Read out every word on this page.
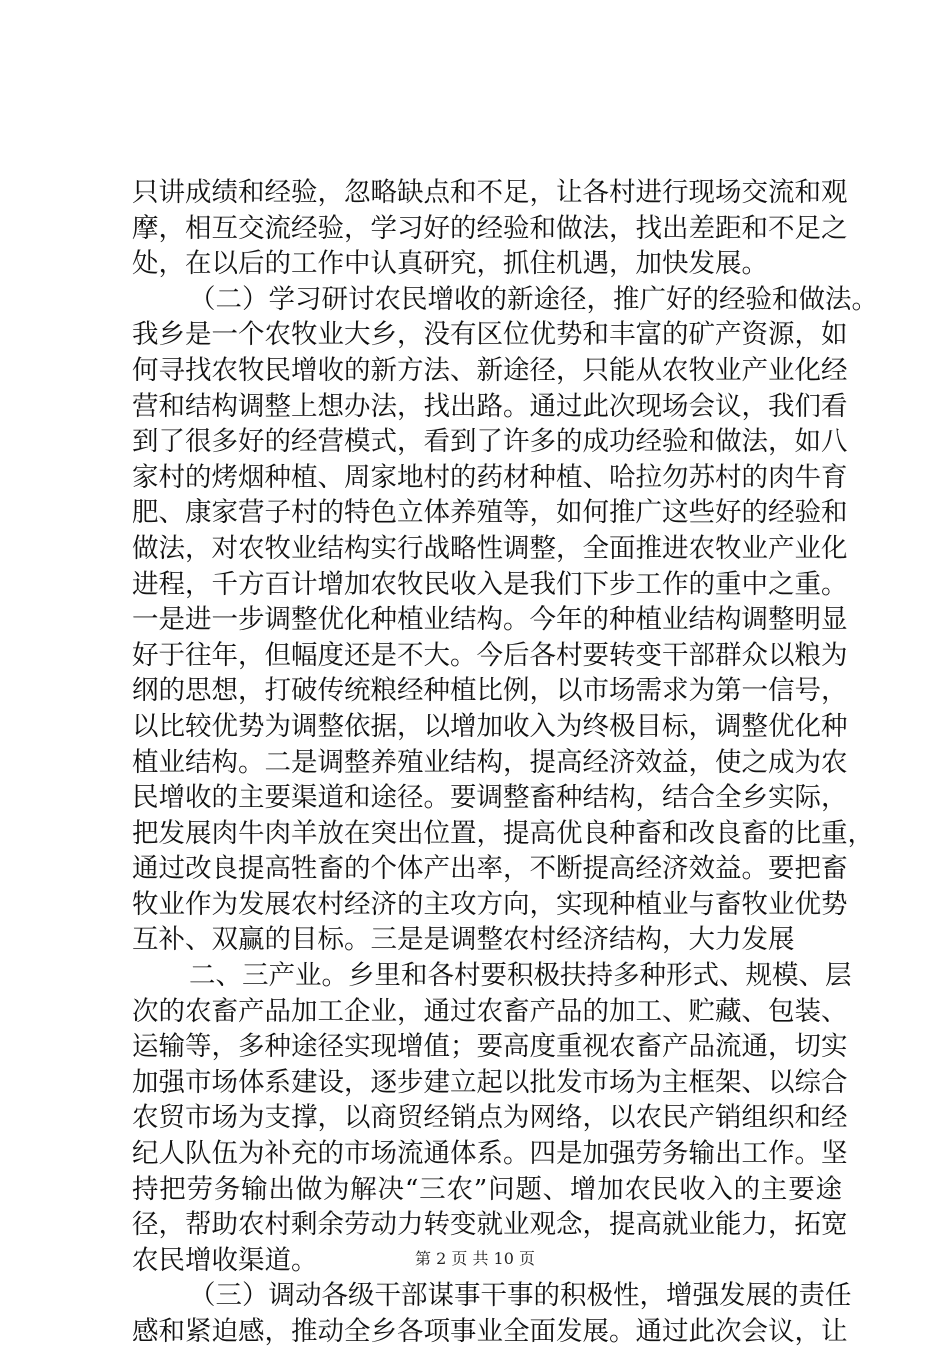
只讲成绩和经验，忽略缺点和不足，让各村进行现场交流和观
摩，相互交流经验，学习好的经验和做法，找出差距和不足之
处，在以后的工作中认真研究，抓住机遇，加快发展。
（二）学习研讨农民增收的新途径，推广好的经验和做法。
我乡是一个农牧业大乡，没有区位优势和丰富的矿产资源，如
何寻找农牧民增收的新方法、新途径，只能从农牧业产业化经
营和结构调整上想办法，找出路。通过此次现场会议，我们看
到了很多好的经营模式，看到了许多的成功经验和做法，如八
家村的烤烟种植、周家地村的药材种植、哈拉勿苏村的肉牛育
肥、康家营子村的特色立体养殖等，如何推广这些好的经验和
做法，对农牧业结构实行战略性调整，全面推进农牧业产业化
进程，千方百计增加农牧民收入是我们下步工作的重中之重。
一是进一步调整优化种植业结构。今年的种植业结构调整明显
好于往年，但幅度还是不大。今后各村要转变干部群众以粮为
纲的思想，打破传统粮经种植比例，以市场需求为第一信号，
以比较优势为调整依据，以增加收入为终极目标，调整优化种
植业结构。二是调整养殖业结构，提高经济效益，使之成为农
民增收的主要渠道和途径。要调整畜种结构，结合全乡实际，
把发展肉牛肉羊放在突出位置，提高优良种畜和改良畜的比重，
通过改良提高牲畜的个体产出率，不断提高经济效益。要把畜
牧业作为发展农村经济的主攻方向，实现种植业与畜牧业优势
互补、双赢的目标。三是是调整农村经济结构，大力发展
二、三产业。乡里和各村要积极扶持多种形式、规模、层
次的农畜产品加工企业，通过农畜产品的加工、贮藏、包装、
运输等，多种途径实现增值；要高度重视农畜产品流通，切实
加强市场体系建设，逐步建立起以批发市场为主框架、以综合
农贸市场为支撑，以商贸经销点为网络，以农民产销组织和经
纪人队伍为补充的市场流通体系。四是加强劳务输出工作。坚
持把劳务输出做为解决“三农”问题、增加农民收入的主要途
径，帮助农村剩余劳动力转变就业观念，提高就业能力，拓宽
农民增收渠道。
（三）调动各级干部谋事干事的积极性，增强发展的责任
感和紧迫感，推动全乡各项事业全面发展。通过此次会议，让
第 2 页 共 10 页
